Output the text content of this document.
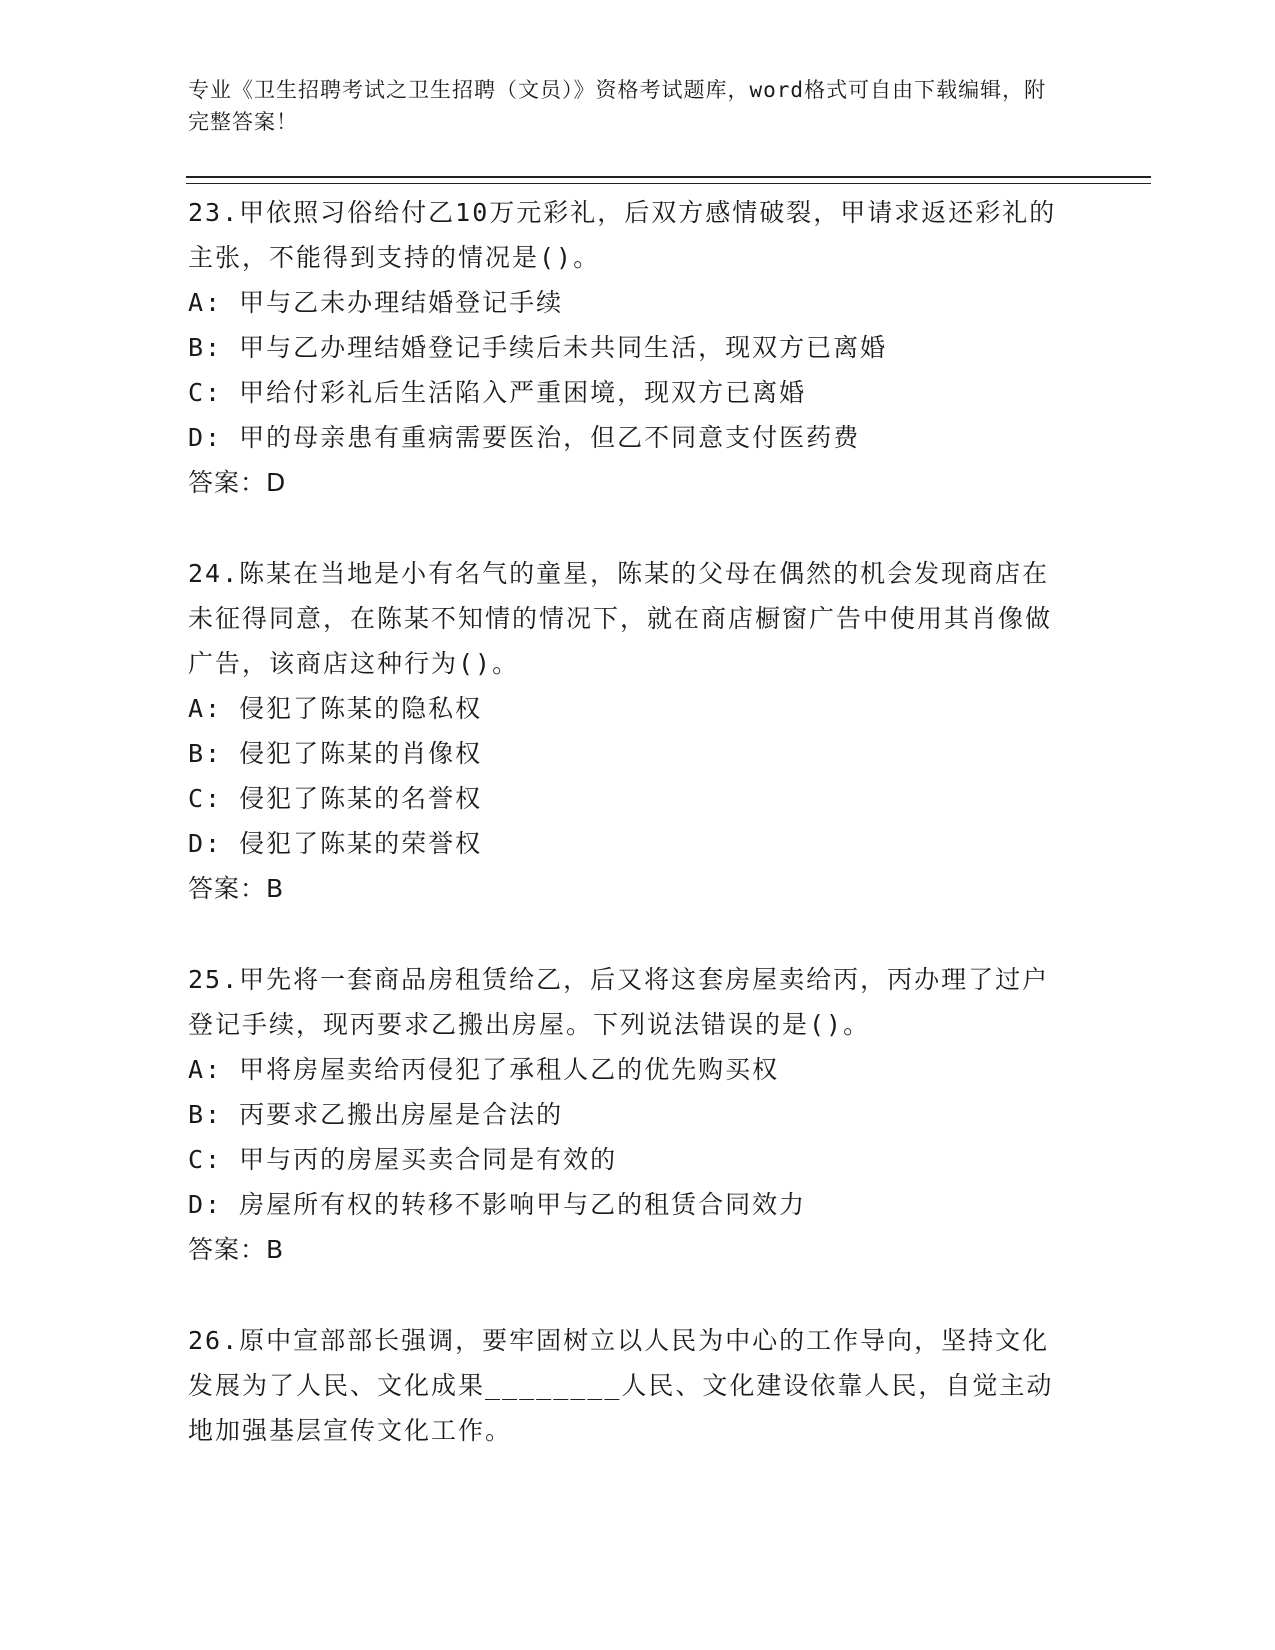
专业《卫生招聘考试之卫生招聘（文员）》资格考试题库，word格式可自由下载编辑，附完整答案！

23.甲依照习俗给付乙10万元彩礼，后双方感情破裂，甲请求返还彩礼的主张，不能得到支持的情况是()。

A: 甲与乙未办理结婚登记手续

B: 甲与乙办理结婚登记手续后未共同生活，现双方已离婚

C: 甲给付彩礼后生活陷入严重困境，现双方已离婚

D: 甲的母亲患有重病需要医治，但乙不同意支付医药费

答案：D

24.陈某在当地是小有名气的童星，陈某的父母在偶然的机会发现商店在未征得同意，在陈某不知情的情况下，就在商店橱窗广告中使用其肖像做广告，该商店这种行为()。

A: 侵犯了陈某的隐私权

B: 侵犯了陈某的肖像权

C: 侵犯了陈某的名誉权

D: 侵犯了陈某的荣誉权

答案：B

25.甲先将一套商品房租赁给乙，后又将这套房屋卖给丙，丙办理了过户登记手续，现丙要求乙搬出房屋。下列说法错误的是()。

A: 甲将房屋卖给丙侵犯了承租人乙的优先购买权

B: 丙要求乙搬出房屋是合法的

C: 甲与丙的房屋买卖合同是有效的

D: 房屋所有权的转移不影响甲与乙的租赁合同效力

答案：B

26.原中宣部部长强调，要牢固树立以人民为中心的工作导向，坚持文化发展为了人民、文化成果________人民、文化建设依靠人民，自觉主动地加强基层宣传文化工作。
